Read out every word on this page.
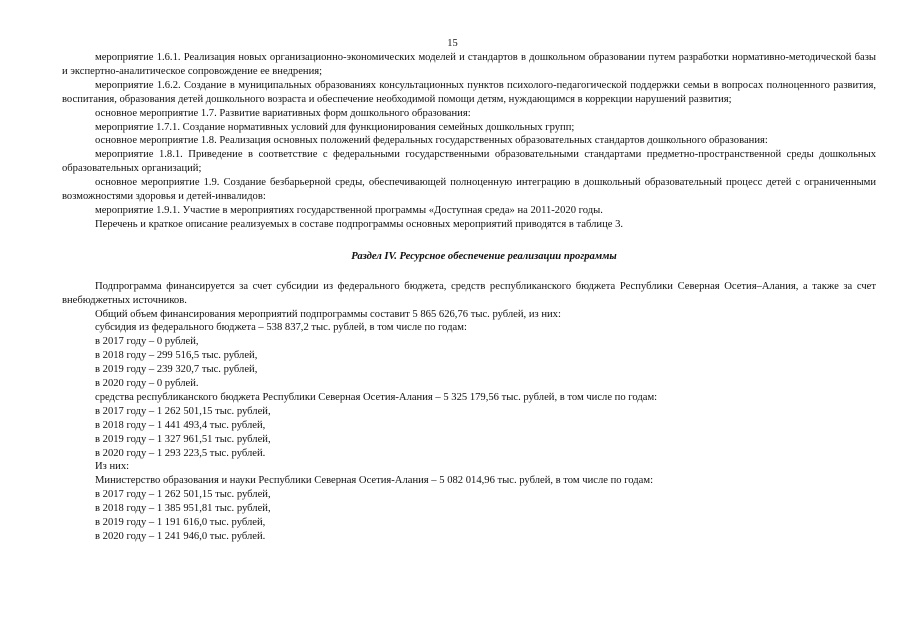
15

мероприятие 1.6.1. Реализация новых организационно-экономических моделей и стандартов в дошкольном образовании путем разработки нормативно-методической базы и экспертно-аналитическое сопровождение ее внедрения;

мероприятие 1.6.2. Создание в муниципальных образованиях консультационных пунктов психолого-педагогической поддержки семьи в вопросах полноценного развития, воспитания, образования детей дошкольного возраста и обеспечение необходимой помощи детям, нуждающимся в коррекции нарушений развития;

основное мероприятие 1.7. Развитие вариативных форм дошкольного образования:

мероприятие 1.7.1. Создание нормативных условий для функционирования семейных дошкольных групп;

основное мероприятие 1.8. Реализация основных положений федеральных государственных образовательных стандартов дошкольного образования:

мероприятие 1.8.1. Приведение в соответствие с федеральными государственными образовательными стандартами предметно-пространственной среды дошкольных образовательных организаций;

основное мероприятие 1.9. Создание безбарьерной среды, обеспечивающей полноценную интеграцию в дошкольный образовательный процесс детей с ограниченными возможностями здоровья и детей-инвалидов:

мероприятие 1.9.1. Участие в мероприятиях государственной программы «Доступная среда» на 2011-2020 годы.

Перечень и краткое описание реализуемых в составе подпрограммы основных мероприятий приводятся в таблице 3.

Раздел IV. Ресурсное обеспечение реализации программы

Подпрограмма финансируется за счет субсидии из федерального бюджета, средств республиканского бюджета Республики Северная Осетия–Алания, а также за счет внебюджетных источников.

Общий объем финансирования мероприятий подпрограммы составит 5 865 626,76 тыс. рублей, из них:

субсидия из федерального бюджета – 538 837,2 тыс. рублей, в том числе по годам:

в 2017 году – 0 рублей,

в 2018 году – 299 516,5 тыс. рублей,

в 2019 году – 239 320,7 тыс. рублей,

в 2020 году – 0 рублей.

средства республиканского бюджета Республики Северная Осетия-Алания – 5 325 179,56 тыс. рублей, в том числе по годам:

в 2017 году – 1 262 501,15 тыс. рублей,

в 2018 году – 1 441 493,4 тыс. рублей,

в 2019 году – 1 327 961,51 тыс. рублей,

в 2020 году – 1 293 223,5 тыс. рублей.

Из них:

Министерство образования и науки Республики Северная Осетия-Алания – 5 082 014,96 тыс. рублей, в том числе по годам:

в 2017 году – 1 262 501,15 тыс. рублей,

в 2018 году – 1 385 951,81 тыс. рублей,

в 2019 году – 1 191 616,0 тыс. рублей,

в 2020 году – 1 241 946,0 тыс. рублей.
